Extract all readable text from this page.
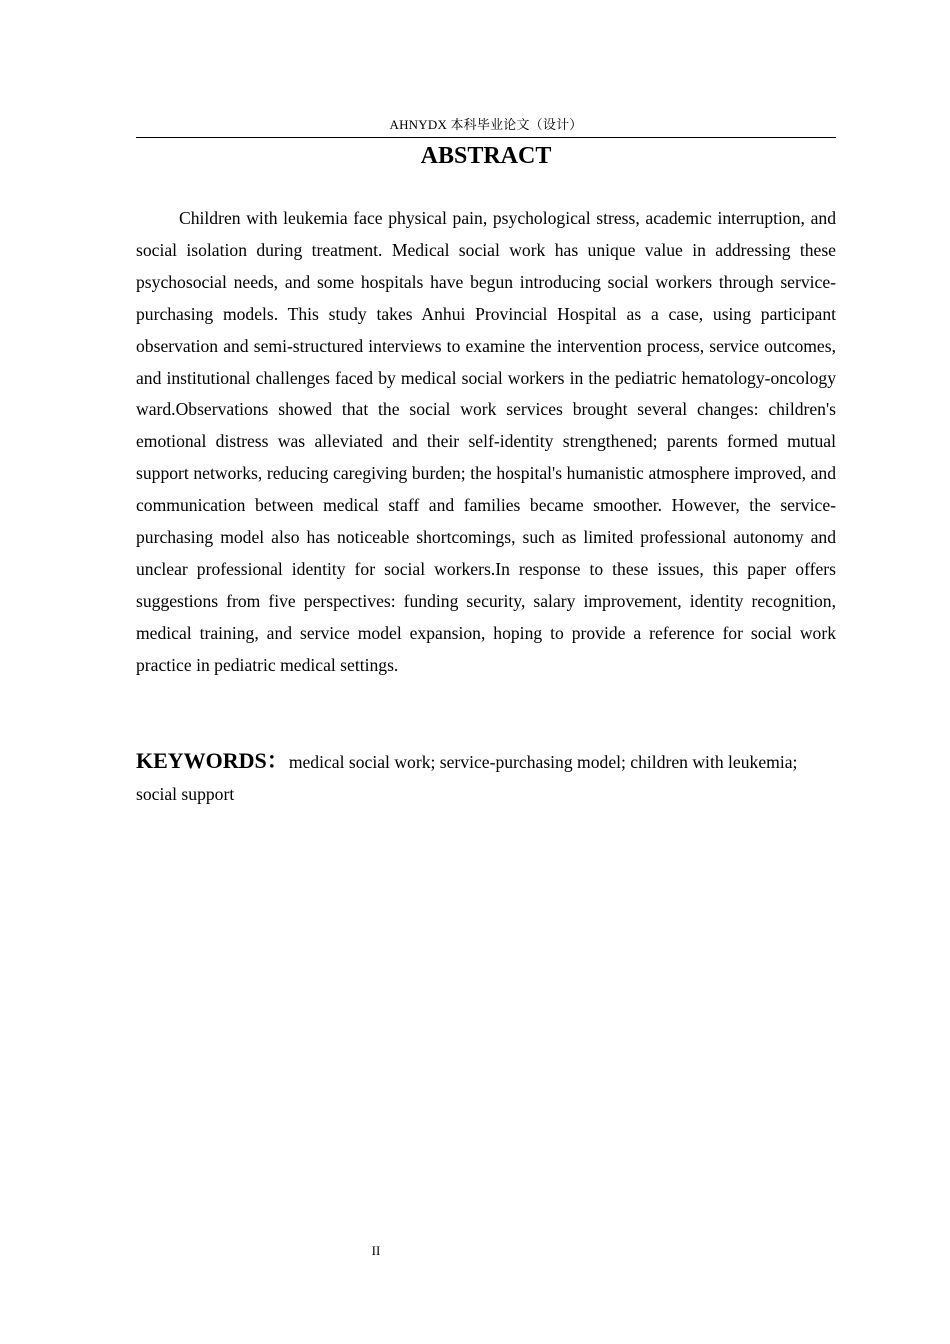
AHNYDX 本科毕业论文（设计）
ABSTRACT

Children with leukemia face physical pain, psychological stress, academic interruption, and social isolation during treatment. Medical social work has unique value in addressing these psychosocial needs, and some hospitals have begun introducing social workers through service-purchasing models. This study takes Anhui Provincial Hospital as a case, using participant observation and semi-structured interviews to examine the intervention process, service outcomes, and institutional challenges faced by medical social workers in the pediatric hematology-oncology ward.Observations showed that the social work services brought several changes: children's emotional distress was alleviated and their self-identity strengthened; parents formed mutual support networks, reducing caregiving burden; the hospital's humanistic atmosphere improved, and communication between medical staff and families became smoother. However, the service-purchasing model also has noticeable shortcomings, such as limited professional autonomy and unclear professional identity for social workers.In response to these issues, this paper offers suggestions from five perspectives: funding security, salary improvement, identity recognition, medical training, and service model expansion, hoping to provide a reference for social work practice in pediatric medical settings.

KEYWORDS：medical social work; service-purchasing model; children with leukemia; social support

II
